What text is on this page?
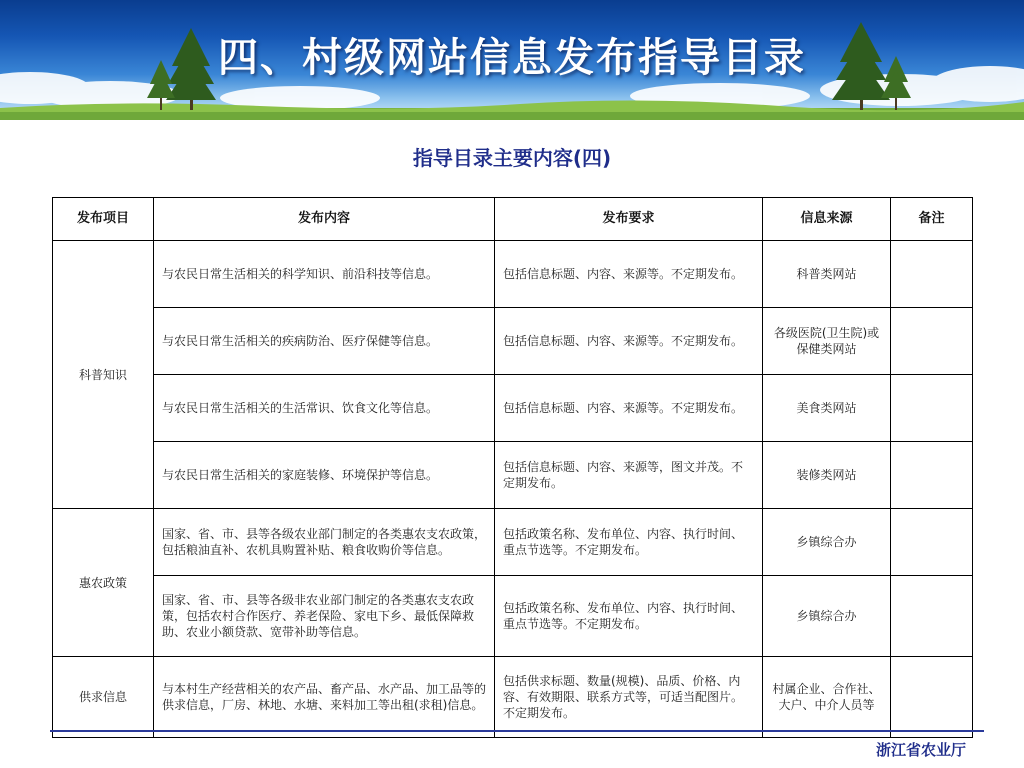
四、村级网站信息发布指导目录
指导目录主要内容(四)
发布项目	发布内容	发布要求	信息来源	备注
科普知识	与农民日常生活相关的科学知识、前沿科技等信息。	包括信息标题、内容、来源等。不定期发布。	科普类网站	
	与农民日常生活相关的疾病防治、医疗保健等信息。	包括信息标题、内容、来源等。不定期发布。	各级医院(卫生院)或保健类网站	
	与农民日常生活相关的生活常识、饮食文化等信息。	包括信息标题、内容、来源等。不定期发布。	美食类网站	
	与农民日常生活相关的家庭装修、环境保护等信息。	包括信息标题、内容、来源等，图文并茂。不定期发布。	装修类网站	
惠农政策	国家、省、市、县等各级农业部门制定的各类惠农支农政策，包括粮油直补、农机具购置补贴、粮食收购价等信息。	包括政策名称、发布单位、内容、执行时间、重点节选等。不定期发布。	乡镇综合办	
	国家、省、市、县等各级非农业部门制定的各类惠农支农政策，包括农村合作医疗、养老保险、家电下乡、最低保障救助、农业小额贷款、宽带补助等信息。	包括政策名称、发布单位、内容、执行时间、重点节选等。不定期发布。	乡镇综合办	
供求信息	与本村生产经营相关的农产品、畜产品、水产品、加工品等的供求信息，厂房、林地、水塘、来料加工等出租(求租)信息。	包括供求标题、数量(规模)、品质、价格、内容、有效期限、联系方式等，可适当配图片。不定期发布。	村属企业、合作社、大户、中介人员等	
浙江省农业厅
